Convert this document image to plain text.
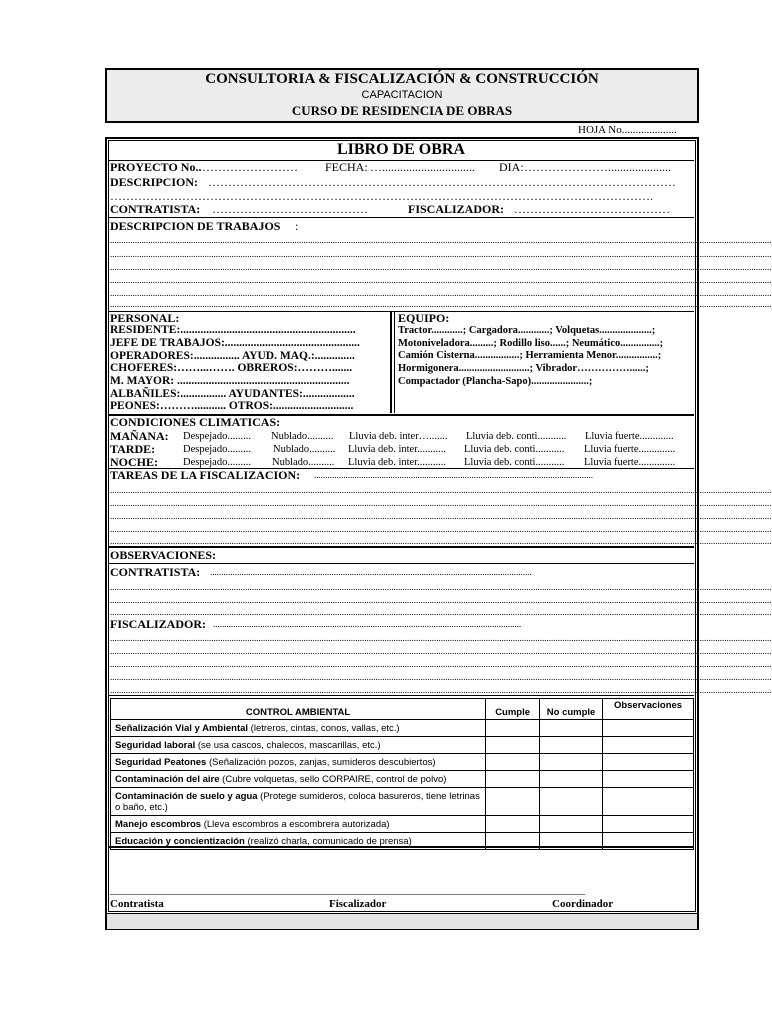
CONSULTORIA & FISCALIZACIÓN & CONSTRUCCIÓN
CAPACITACION
CURSO DE RESIDENCIA DE OBRAS
HOJA No....................
LIBRO DE OBRA
PROYECTO No.. …………………… FECHA: …............................... DIA: ………………….....................
DESCRIPCION: ………………………………………………………………………………………………………
……………………………………………………………………………………………………………………….
CONTRATISTA: …………………………………	FISCALIZADOR: …………………………………
DESCRIPCION DE TRABAJOS :
......................................................................................................................................................................................................................................................................................................
......................................................................................................................................................................................................................................................................................................
......................................................................................................................................................................................................................................................................................................
......................................................................................................................................................................................................................................................................................................
......................................................................................................................................................................................................................................................................................................
......................................................................................................................................................................................................................................................................................................
PERSONAL:
RESIDENTE:.............................................................
JEFE DE TRABAJOS:...............................................
OPERADORES:................ AYUD. MAQ.:..............
CHOFERES:……...……. OBREROS:……….......
M. MAYOR: ............................................................
ALBAÑILES:................ AYUDANTES:..................
PEONES:………........... OTROS:............................
EQUIPO:
Tractor............; Cargadora............; Volquetas....................;
Motoniveladora.........; Rodillo liso......; Neumático...............;
Camión Cisterna.................; Herramienta Menor................;
Hormigonera...........................; Vibrador……………......;
Compactador (Plancha-Sapo)......................;
CONDICIONES CLIMATICAS:
MAÑANA: Despejado......... Nublado.......... Lluvia deb. inter…....... Lluvia deb. conti........... Lluvia fuerte.............
TARDE:	Despejado......... Nublado.......... Lluvia deb. inter........... Lluvia deb. conti........... Lluvia fuerte..............
NOCHE: Despejado......... Nublado.......... Lluvia deb. inter........... Lluvia deb. conti........... Lluvia fuerte..............
TAREAS DE LA FISCALIZACION: ............................................................................................................................
......................................................................................................................................................................................................................................................................................................
......................................................................................................................................................................................................................................................................................................
......................................................................................................................................................................................................................................................................................................
......................................................................................................................................................................................................................................................................................................
......................................................................................................................................................................................................................................................................................................
OBSERVACIONES:
CONTRATISTA: ...............................................................................................................................................
......................................................................................................................................................................................................................................................................................................
......................................................................................................................................................................................................................................................................................................
......................................................................................................................................................................................................................................................................................................
FISCALIZADOR: .........................................................................................................................................
......................................................................................................................................................................................................................................................................................................
......................................................................................................................................................................................................................................................................................................
......................................................................................................................................................................................................................................................................................................
......................................................................................................................................................................................................................................................................................................
......................................................................................................................................................................................................................................................................................................
CONTROL AMBIENTAL	Cumple	No cumple	Observaciones
Señalización Vial y Ambiental (letreros, cintas, conos, vallas, etc.)			
Seguridad laboral (se usa cascos, chalecos, mascarillas, etc.)			
Seguridad Peatones (Señalización pozos, zanjas, sumideros descubiertos)			
Contaminación del aire (Cubre volquetas, sello CORPAIRE, control de polvo)			
Contaminación de suelo y agua (Protege sumideros, coloca basureros, tiene letrinas o baño, etc.)			
Manejo escombros (Lleva escombros a escombrera autorizada)			
Educación y concientización (realizó charla, comunicado de prensa)			
_______________________________________________________________________________________________
Contratista	Fiscalizador	Coordinador
